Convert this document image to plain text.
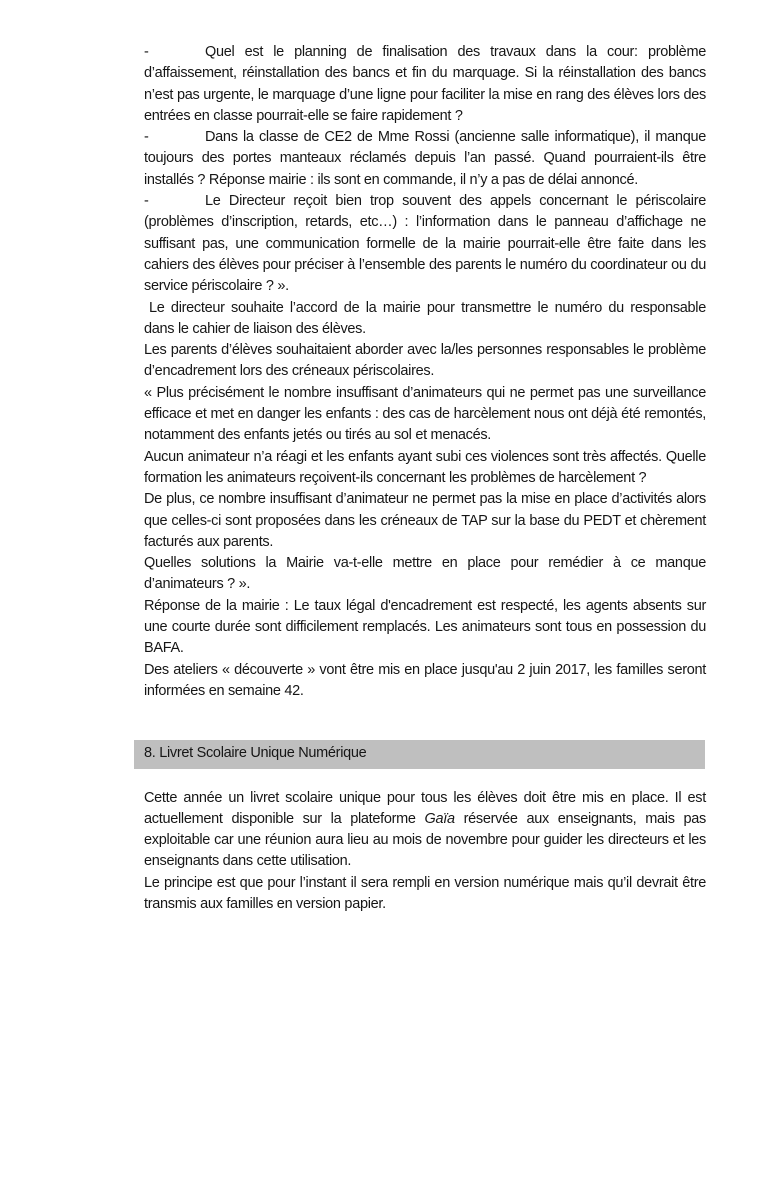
-	Quel est le planning de finalisation des travaux dans la cour: problème d’affaissement, réinstallation des bancs et fin du marquage. Si la réinstallation des bancs n’est pas urgente, le marquage d’une ligne pour faciliter la mise en rang des élèves lors des entrées en classe pourrait-elle se faire rapidement ?

-	Dans la classe de CE2 de Mme Rossi (ancienne salle informatique), il manque toujours des portes manteaux réclamés depuis l’an passé. Quand pourraient-ils être installés ? Réponse mairie : ils sont en commande, il n’y a pas de délai annoncé.

-	Le Directeur reçoit bien trop souvent des appels concernant le périscolaire (problèmes d’inscription, retards, etc…) : l’information dans le panneau d’affichage ne suffisant pas, une communication formelle de la mairie pourrait-elle être faite dans les cahiers des élèves pour préciser à l’ensemble des parents le numéro du coordinateur ou du service périscolaire ? ».

Le directeur souhaite l’accord de la mairie pour transmettre le numéro du responsable dans le cahier de liaison des élèves.

Les parents d’élèves souhaitaient aborder avec la/les personnes responsables le problème d’encadrement lors des créneaux périscolaires.

« Plus précisément le nombre insuffisant d’animateurs qui ne permet pas une surveillance efficace et met en danger les enfants : des cas de harcèlement nous ont déjà été remontés, notamment des enfants jetés ou tirés au sol et menacés.

Aucun animateur n’a réagi et les enfants ayant subi ces violences sont très affectés. Quelle formation les animateurs reçoivent-ils concernant les problèmes de harcèlement ?

De plus, ce nombre insuffisant d’animateur ne permet pas la mise en place d’activités alors que celles-ci sont proposées dans les créneaux de TAP sur la base du PEDT et chèrement facturés aux parents.

Quelles solutions la Mairie va-t-elle mettre en place pour remédier à ce manque d’animateurs ? ».

Réponse de la mairie : Le taux légal d'encadrement est respecté, les agents absents sur une courte durée sont difficilement remplacés. Les animateurs sont tous en possession du BAFA.

Des ateliers « découverte » vont être mis en place jusqu'au 2 juin 2017, les familles seront informées en semaine 42.

8. Livret Scolaire Unique Numérique

Cette année un livret scolaire unique pour tous les élèves doit être mis en place. Il est actuellement disponible sur la plateforme Gaïa réservée aux enseignants, mais pas exploitable car une réunion aura lieu au mois de novembre pour guider les directeurs et les enseignants dans cette utilisation.

Le principe est que pour l’instant il sera rempli en version numérique mais qu’il devrait être transmis aux familles en version papier.
